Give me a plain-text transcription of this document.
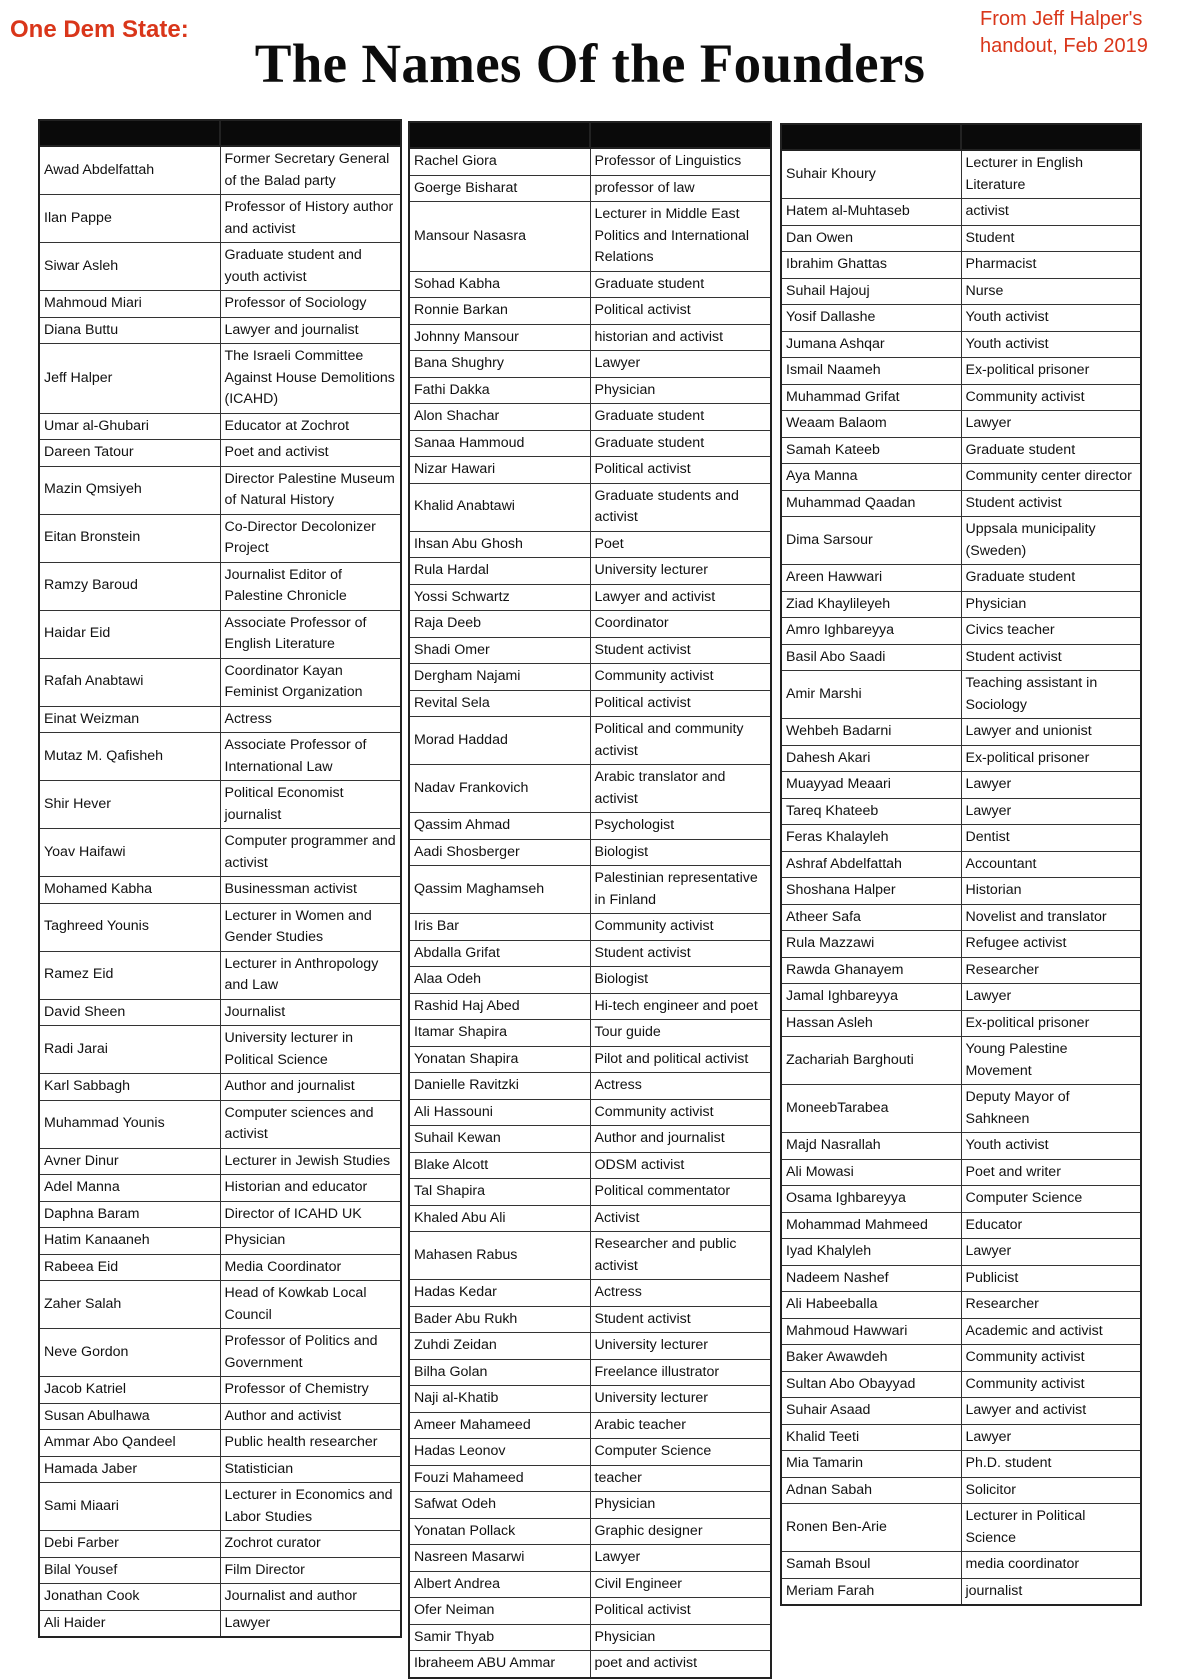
One Dem State:
The Names Of the Founders
From Jeff Halper's handout, Feb 2019

Awad Abdelfattah	Former Secretary General of the Balad party
Ilan Pappe	Professor of History author and activist
Siwar Asleh	Graduate student and youth activist
Mahmoud Miari	Professor of Sociology
Diana Buttu	Lawyer and journalist
Jeff Halper	The Israeli Committee Against House Demolitions (ICAHD)
Umar al-Ghubari	Educator at Zochrot
Dareen Tatour	Poet and activist
Mazin Qmsiyeh	Director Palestine Museum of Natural History
Eitan Bronstein	Co-Director Decolonizer Project
Ramzy Baroud	Journalist Editor of Palestine Chronicle
Haidar Eid	Associate Professor of English Literature
Rafah Anabtawi	Coordinator Kayan Feminist Organization
Einat Weizman	Actress
Mutaz M. Qafisheh	Associate Professor of International Law
Shir Hever	Political Economist journalist
Yoav Haifawi	Computer programmer and activist
Mohamed Kabha	Businessman activist
Taghreed Younis	Lecturer in Women and Gender Studies
Ramez Eid	Lecturer in Anthropology and Law
David Sheen	Journalist
Radi Jarai	University lecturer in Political Science
Karl Sabbagh	Author and journalist
Muhammad Younis	Computer sciences and activist
Avner Dinur	Lecturer in Jewish Studies
Adel Manna	Historian and educator
Daphna Baram	Director of ICAHD UK
Hatim Kanaaneh	Physician
Rabeea Eid	Media Coordinator
Zaher Salah	Head of Kowkab Local Council
Neve Gordon	Professor of Politics and Government
Jacob Katriel	Professor of Chemistry
Susan Abulhawa	Author and activist
Ammar Abo Qandeel	Public health researcher
Hamada Jaber	Statistician
Sami Miaari	Lecturer in Economics and Labor Studies
Debi Farber	Zochrot curator
Bilal Yousef	Film Director
Jonathan Cook	Journalist and author
Ali Haider	Lawyer

Rachel Giora	Professor of Linguistics
Goerge Bisharat	professor of law
Mansour Nasasra	Lecturer in Middle East Politics and International Relations
Sohad Kabha	Graduate student
Ronnie Barkan	Political activist
Johnny Mansour	historian and activist
Bana Shughry	Lawyer
Fathi Dakka	Physician
Alon Shachar	Graduate student
Sanaa Hammoud	Graduate student
Nizar Hawari	Political activist
Khalid Anabtawi	Graduate students and activist
Ihsan Abu Ghosh	Poet
Rula Hardal	University lecturer
Yossi Schwartz	Lawyer and activist
Raja Deeb	Coordinator
Shadi Omer	Student activist
Dergham Najami	Community activist
Revital Sela	Political activist
Morad Haddad	Political and community activist
Nadav Frankovich	Arabic translator and activist
Qassim Ahmad	Psychologist
Aadi Shosberger	Biologist
Qassim Maghamseh	Palestinian representative in Finland
Iris Bar	Community activist
Abdalla Grifat	Student activist
Alaa Odeh	Biologist
Rashid Haj Abed	Hi-tech engineer and poet
Itamar Shapira	Tour guide
Yonatan Shapira	Pilot and political activist
Danielle Ravitzki	Actress
Ali Hassouni	Community activist
Suhail Kewan	Author and journalist
Blake Alcott	ODSM activist
Tal Shapira	Political commentator
Khaled Abu Ali	Activist
Mahasen Rabus	Researcher and public activist
Hadas Kedar	Actress
Bader Abu Rukh	Student activist
Zuhdi Zeidan	University lecturer
Bilha Golan	Freelance illustrator
Naji al-Khatib	University lecturer
Ameer Mahameed	Arabic teacher
Hadas Leonov	Computer Science
Fouzi Mahameed	teacher
Safwat Odeh	Physician
Yonatan Pollack	Graphic designer
Nasreen Masarwi	Lawyer
Albert Andrea	Civil Engineer
Ofer Neiman	Political activist
Samir Thyab	Physician
Ibraheem ABU Ammar	poet and activist

Suhair Khoury	Lecturer in English Literature
Hatem al-Muhtaseb	activist
Dan Owen	Student
Ibrahim Ghattas	Pharmacist
Suhail Hajouj	Nurse
Yosif Dallashe	Youth activist
Jumana Ashqar	Youth activist
Ismail Naameh	Ex-political prisoner
Muhammad Grifat	Community activist
Weaam Balaom	Lawyer
Samah Kateeb	Graduate student
Aya Manna	Community center director
Muhammad Qaadan	Student activist
Dima Sarsour	Uppsala municipality (Sweden)
Areen Hawwari	Graduate student
Ziad Khaylileyeh	Physician
Amro Ighbareyya	Civics teacher
Basil Abo Saadi	Student activist
Amir Marshi	Teaching assistant in Sociology
Wehbeh Badarni	Lawyer and unionist
Dahesh Akari	Ex-political prisoner
Muayyad Meaari	Lawyer
Tareq Khateeb	Lawyer
Feras Khalayleh	Dentist
Ashraf Abdelfattah	Accountant
Shoshana Halper	Historian
Atheer Safa	Novelist and translator
Rula Mazzawi	Refugee activist
Rawda Ghanayem	Researcher
Jamal Ighbareyya	Lawyer
Hassan Asleh	Ex-political prisoner
Zachariah Barghouti	Young Palestine Movement
MoneebTarabea	Deputy Mayor of Sahkneen
Majd Nasrallah	Youth activist
Ali Mowasi	Poet and writer
Osama Ighbareyya	Computer Science
Mohammad Mahmeed	Educator
Iyad Khalyleh	Lawyer
Nadeem Nashef	Publicist
Ali Habeeballa	Researcher
Mahmoud Hawwari	Academic and activist
Baker Awawdeh	Community activist
Sultan Abo Obayyad	Community activist
Suhair Asaad	Lawyer and activist
Khalid Teeti	Lawyer
Mia Tamarin	Ph.D. student
Adnan Sabah	Solicitor
Ronen Ben-Arie	Lecturer in Political Science
Samah Bsoul	media coordinator
Meriam Farah	journalist
